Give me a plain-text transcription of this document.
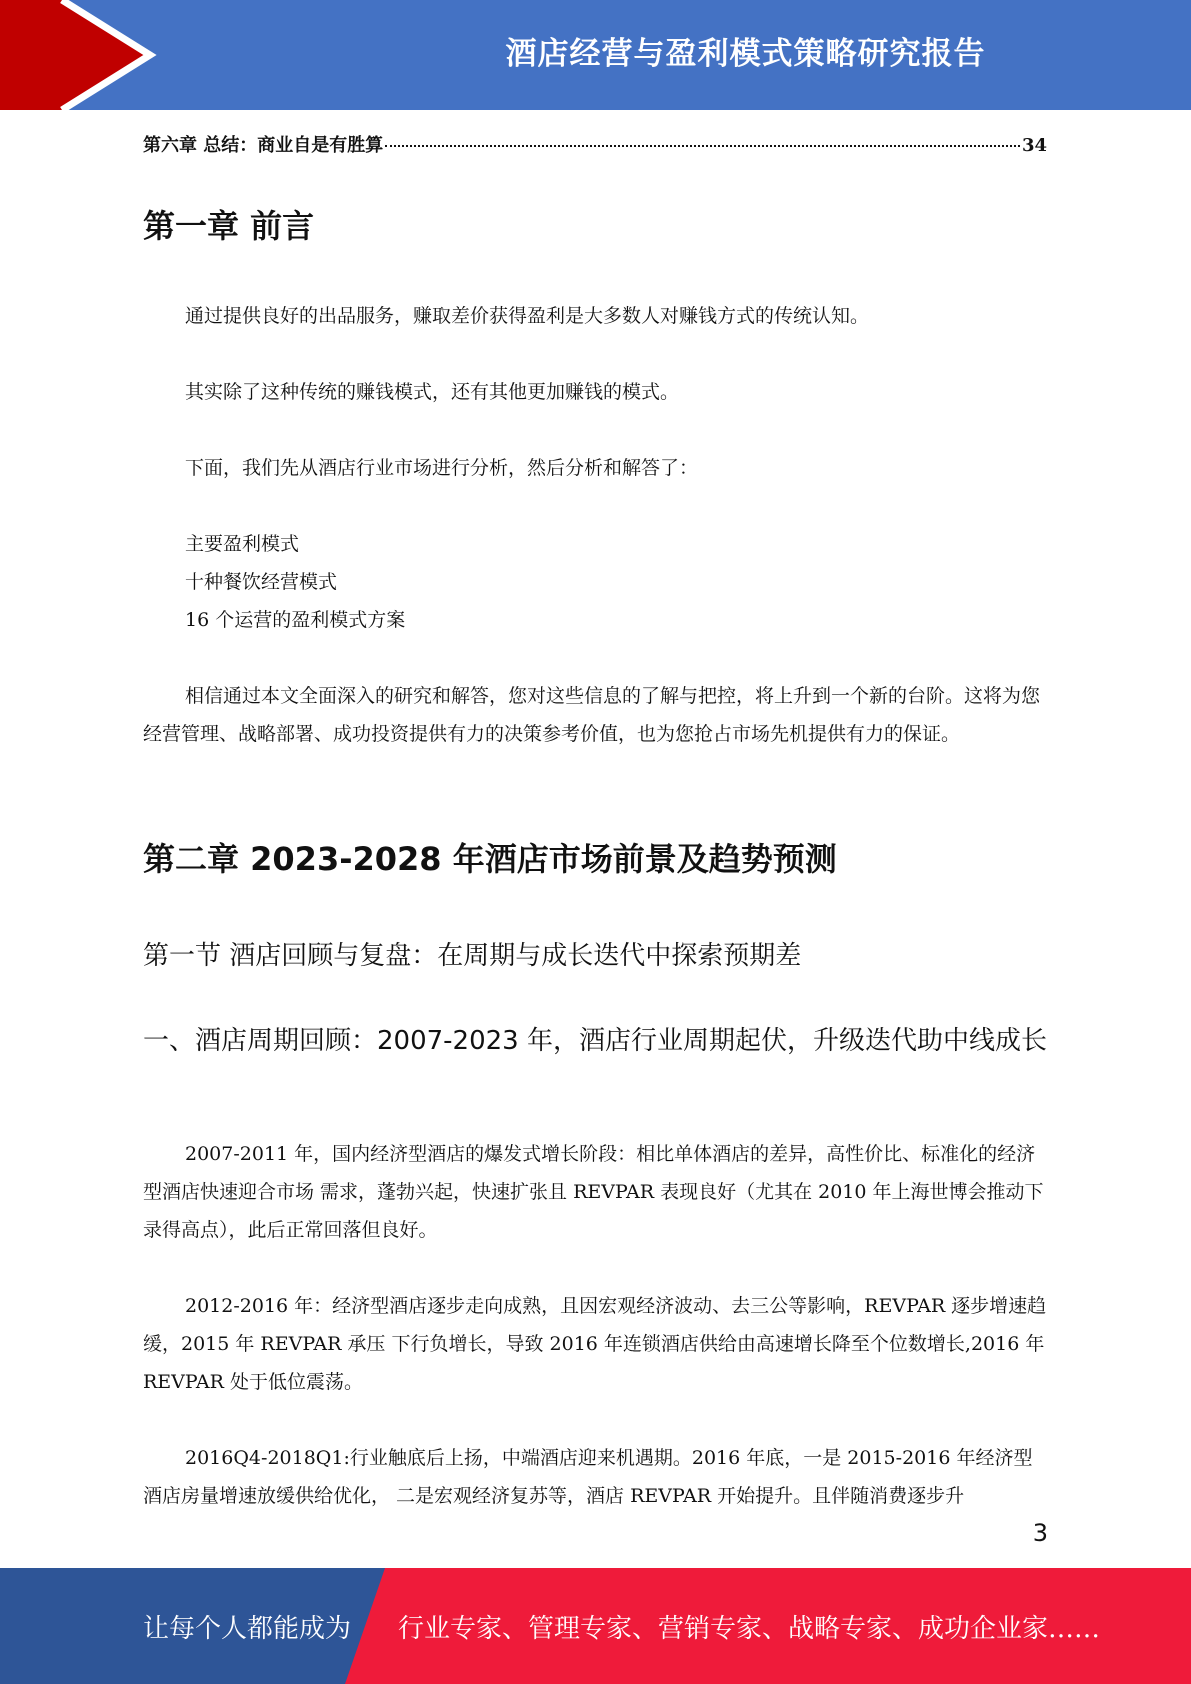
酒店经营与盈利模式策略研究报告
第六章 总结：商业自是有胜算	34
第一章 前言

通过提供良好的出品服务，赚取差价获得盈利是大多数人对赚钱方式的传统认知。

其实除了这种传统的赚钱模式，还有其他更加赚钱的模式。

下面，我们先从酒店行业市场进行分析，然后分析和解答了：

主要盈利模式
十种餐饮经营模式
16 个运营的盈利模式方案

相信通过本文全面深入的研究和解答，您对这些信息的了解与把控，将上升到一个新的台阶。这将为您经营管理、战略部署、成功投资提供有力的决策参考价值，也为您抢占市场先机提供有力的保证。

第二章 2023-2028 年酒店市场前景及趋势预测
第一节 酒店回顾与复盘：在周期与成长迭代中探索预期差
一、酒店周期回顾：2007-2023 年，酒店行业周期起伏，升级迭代助中线成长

2007-2011 年，国内经济型酒店的爆发式增长阶段：相比单体酒店的差异，高性价比、标准化的经济型酒店快速迎合市场 需求，蓬勃兴起，快速扩张且 REVPAR 表现良好（尤其在 2010 年上海世博会推动下录得高点），此后正常回落但良好。

2012-2016 年：经济型酒店逐步走向成熟，且因宏观经济波动、去三公等影响，REVPAR 逐步增速趋缓，2015 年 REVPAR 承压 下行负增长，导致 2016 年连锁酒店供给由高速增长降至个位数增长,2016 年 REVPAR 处于低位震荡。

2016Q4-2018Q1:行业触底后上扬，中端酒店迎来机遇期。2016 年底，一是 2015-2016 年经济型酒店房量增速放缓供给优化， 二是宏观经济复苏等，酒店 REVPAR 开始提升。且伴随消费逐步升

3
让每个人都能成为 行业专家、管理专家、营销专家、战略专家、成功企业家……
